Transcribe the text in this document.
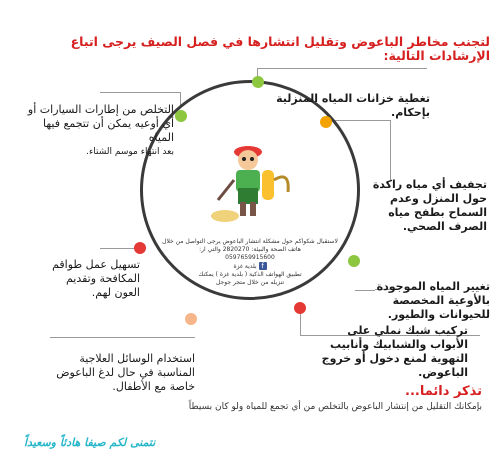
لتجنب مخاطر الباعوض وتقليل انتشارها في فصل الصيف يرجى اتباع الإرشادات التالية:
لاستقبال شكواكم حول مشكلة انتشار الباعوض يرجى التواصل من خلال
هاتف الصحة والبيئة: 2820270 والتي ار:
0597659915600
f بلدية غزة
تطبيق الهواتف الذكية ( بلدية غزة ) يمكنك
تنزيله من خلال متجر جوجل
تغطية خزانات المياه المنزلية بإحكام.
تجفيف أي مياه راكدة حول المنزل وعدم السماح بطفح مياه الصرف الصحي.
تغيير المياه الموجودة بالأوعية المخصصة للحيوانات والطيور.
تركيب شبك نملي على الأبواب والشبابيك وأنابيب التهوية لمنع دخول أو خروج الباعوض.
استخدام الوسائل العلاجية المناسبة في حال لدغ الباعوض خاصة مع الأطفال.
تسهيل عمل طواقم المكافحة وتقديم العون لهم.
التخلص من إطارات السيارات أو أي أوعيه يمكن أن تتجمع فيها المياه
بعد انتهاء موسم الشتاء.
تذكر دائما...
بإمكانك التقليل من إنتشار الباعوض بالتخلص من أي تجمع للمياه ولو كان بسيطاً
نتمنى لكم صيفا هادئاً وسعيداً
